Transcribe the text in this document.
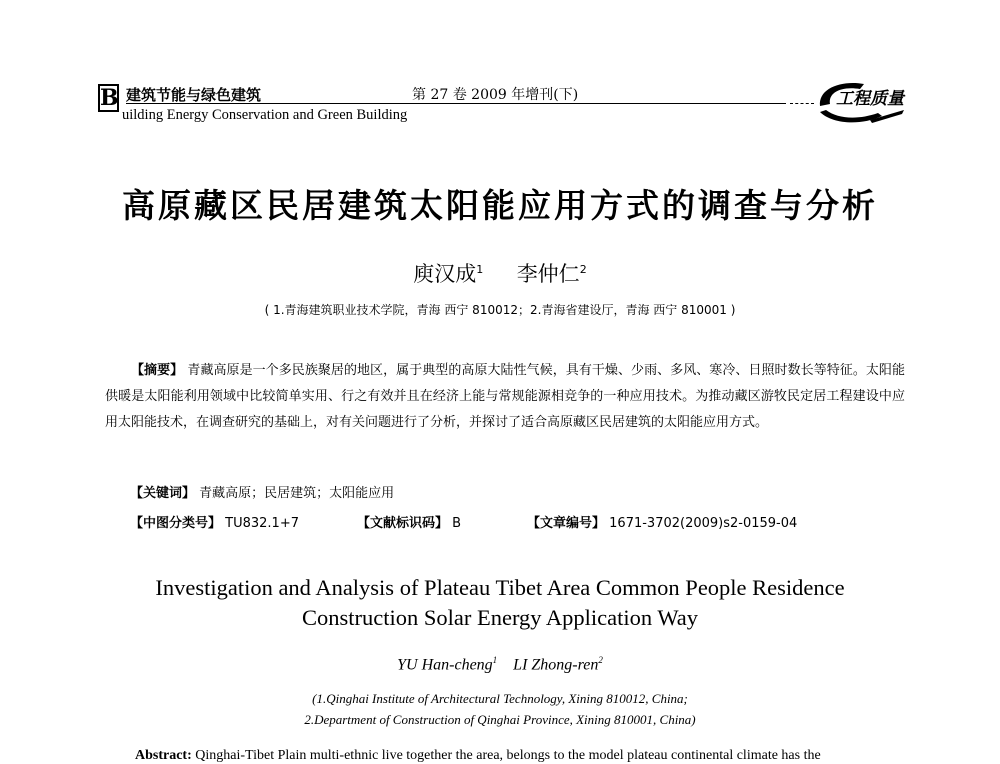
B 建筑节能与绿色建筑	第 27 卷 2009 年增刊(下)
uilding Energy Conservation and Green Building
工程质量
高原藏区民居建筑太阳能应用方式的调查与分析
庾汉成$^1$ 李仲仁$^2$
( 1.青海建筑职业技术学院，青海 西宁 810012；2.青海省建设厅，青海 西宁 810001 )
【摘要】 青藏高原是一个多民族聚居的地区，属于典型的高原大陆性气候，具有干燥、少雨、多风、寒冷、日照时数长等特征。太阳能供暖是太阳能利用领域中比较简单实用、行之有效并且在经济上能与常规能源相竞争的一种应用技术。为推动藏区游牧民定居工程建设中应用太阳能技术，在调查研究的基础上，对有关问题进行了分析，并探讨了适合高原藏区民居建筑的太阳能应用方式。
【关键词】 青藏高原；民居建筑；太阳能应用
【中图分类号】 TU832.1+7	【文献标识码】 B	【文章编号】 1671-3702(2009)s2-0159-04
Investigation and Analysis of Plateau Tibet Area Common People Residence
Construction Solar Energy Application Way
YU Han-cheng$^1$ LI Zhong-ren$^2$
(1.Qinghai Institute of Architectural Technology, Xining 810012, China;
2.Department of Construction of Qinghai Province, Xining 810001, China)
Abstract: Qinghai-Tibet Plain multi-ethnic live together the area, belongs to the model plateau continental climate has the
